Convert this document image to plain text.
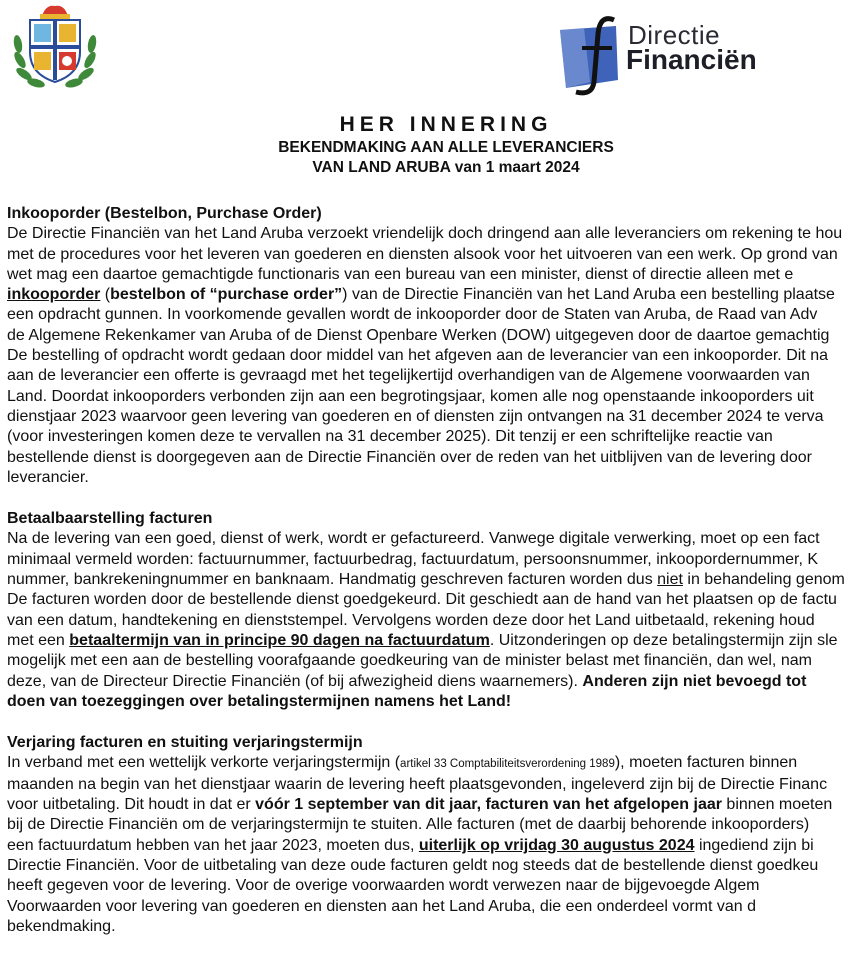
Directie
Financiën

HER INNERING

BEKENDMAKING AAN ALLE LEVERANCIERS

VAN LAND ARUBA van 1 maart 2024

Inkooporder (Bestelbon, Purchase Order)

De Directie Financiën van het Land Aruba verzoekt vriendelijk doch dringend aan alle leveranciers om rekening te hou

met de procedures voor het leveren van goederen en diensten alsook voor het uitvoeren van een werk. Op grond van

wet mag een daartoe gemachtigde functionaris van een bureau van een minister, dienst of directie alleen met e

inkooporder (bestelbon of “purchase order”) van de Directie Financiën van het Land Aruba een bestelling plaatse

een opdracht gunnen. In voorkomende gevallen wordt de inkooporder door de Staten van Aruba, de Raad van Adv

de Algemene Rekenkamer van Aruba of de Dienst Openbare Werken (DOW) uitgegeven door de daartoe gemachtig

De bestelling of opdracht wordt gedaan door middel van het afgeven aan de leverancier van een inkooporder. Dit na

aan de leverancier een offerte is gevraagd met het tegelijkertijd overhandigen van de Algemene voorwaarden van

Land. Doordat inkooporders verbonden zijn aan een begrotingsjaar, komen alle nog openstaande inkooporders uit

dienstjaar 2023 waarvoor geen levering van goederen en of diensten zijn ontvangen na 31 december 2024 te verva

(voor investeringen komen deze te vervallen na 31 december 2025). Dit tenzij er een schriftelijke reactie van

bestellende dienst is doorgegeven aan de Directie Financiën over de reden van het uitblijven van de levering door

leverancier.

Betaalbaarstelling facturen

Na de levering van een goed, dienst of werk, wordt er gefactureerd. Vanwege digitale verwerking, moet op een fact

minimaal vermeld worden: factuurnummer, factuurbedrag, factuurdatum, persoonsnummer, inkoopordernummer, K

nummer, bankrekeningnummer en banknaam. Handmatig geschreven facturen worden dus niet in behandeling genom

De facturen worden door de bestellende dienst goedgekeurd. Dit geschiedt aan de hand van het plaatsen op de factu

van een datum, handtekening en dienststempel. Vervolgens worden deze door het Land uitbetaald, rekening houd

met een betaaltermijn van in principe 90 dagen na factuurdatum. Uitzonderingen op deze betalingstermijn zijn sle

mogelijk met een aan de bestelling voorafgaande goedkeuring van de minister belast met financiën, dan wel, nam

deze, van de Directeur Directie Financiën (of bij afwezigheid diens waarnemers). Anderen zijn niet bevoegd tot

doen van toezeggingen over betalingstermijnen namens het Land!

Verjaring facturen en stuiting verjaringstermijn

In verband met een wettelijk verkorte verjaringstermijn (artikel 33 Comptabiliteitsverordening 1989), moeten facturen binnen

maanden na begin van het dienstjaar waarin de levering heeft plaatsgevonden, ingeleverd zijn bij de Directie Financ

voor uitbetaling. Dit houdt in dat er vóór 1 september van dit jaar, facturen van het afgelopen jaar binnen moeten

bij de Directie Financiën om de verjaringstermijn te stuiten. Alle facturen (met de daarbij behorende inkooporders)

een factuurdatum hebben van het jaar 2023, moeten dus, uiterlijk op vrijdag 30 augustus 2024 ingediend zijn bi

Directie Financiën. Voor de uitbetaling van deze oude facturen geldt nog steeds dat de bestellende dienst goedkeu

heeft gegeven voor de levering. Voor de overige voorwaarden wordt verwezen naar de bijgevoegde Algem

Voorwaarden voor levering van goederen en diensten aan het Land Aruba, die een onderdeel vormt van d

bekendmaking.
